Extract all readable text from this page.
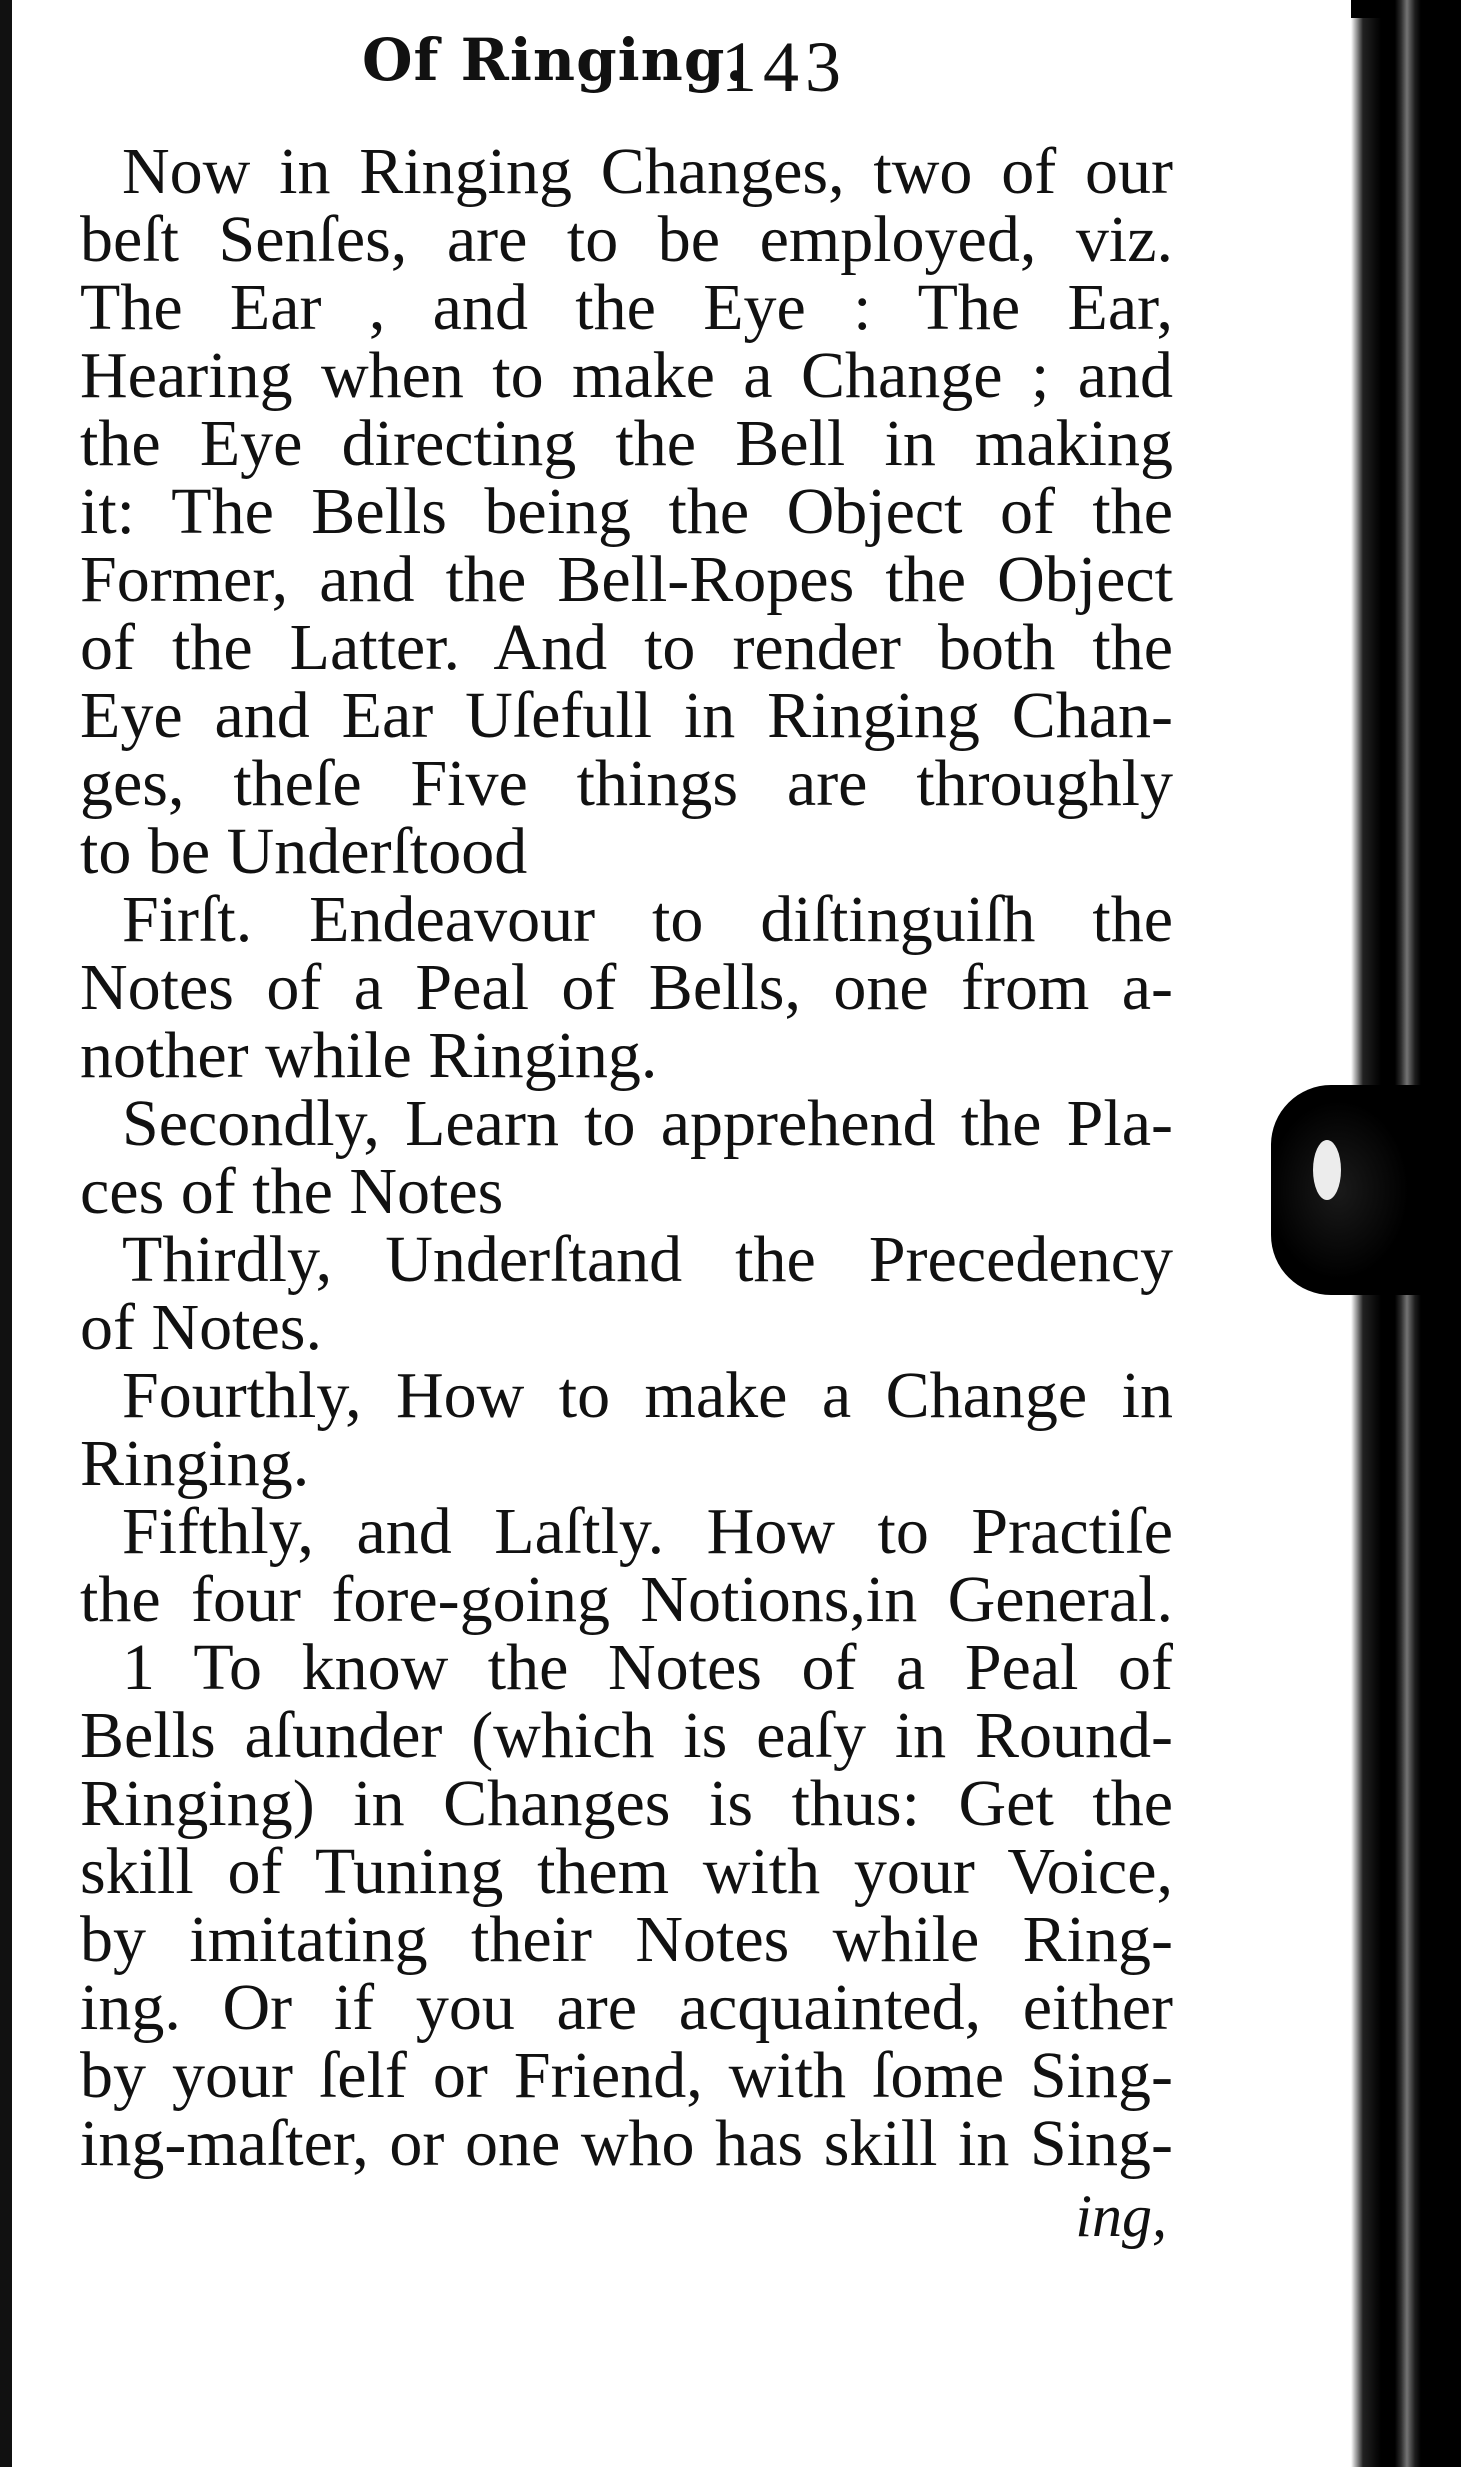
Of Ringing.
143
Now in Ringing Changes, two of our
beſt Senſes, are to be employed, viz.
The Ear , and the Eye : The Ear,
Hearing when to make a Change ; and
the Eye directing the Bell in making
it: The Bells being the Object of the
Former, and the Bell-Ropes the Object
of the Latter. And to render both the
Eye and Ear Uſefull in Ringing Chan-
ges, theſe Five things are throughly
to be Underſtood
Firſt. Endeavour to diſtinguiſh the
Notes of a Peal of Bells, one from a-
nother while Ringing.
Secondly, Learn to apprehend the Pla-
ces of the Notes
Thirdly, Underſtand the Precedency
of Notes.
Fourthly, How to make a Change in
Ringing.
Fifthly, and Laſtly. How to Practiſe
the four fore-going Notions,in General.
1 To know the Notes of a Peal of
Bells aſunder (which is eaſy in Round-
Ringing) in Changes is thus: Get the
skill of Tuning them with your Voice,
by imitating their Notes while Ring-
ing. Or if you are acquainted, either
by your ſelf or Friend, with ſome Sing-
ing-maſter, or one who has skill in Sing-
ing,
